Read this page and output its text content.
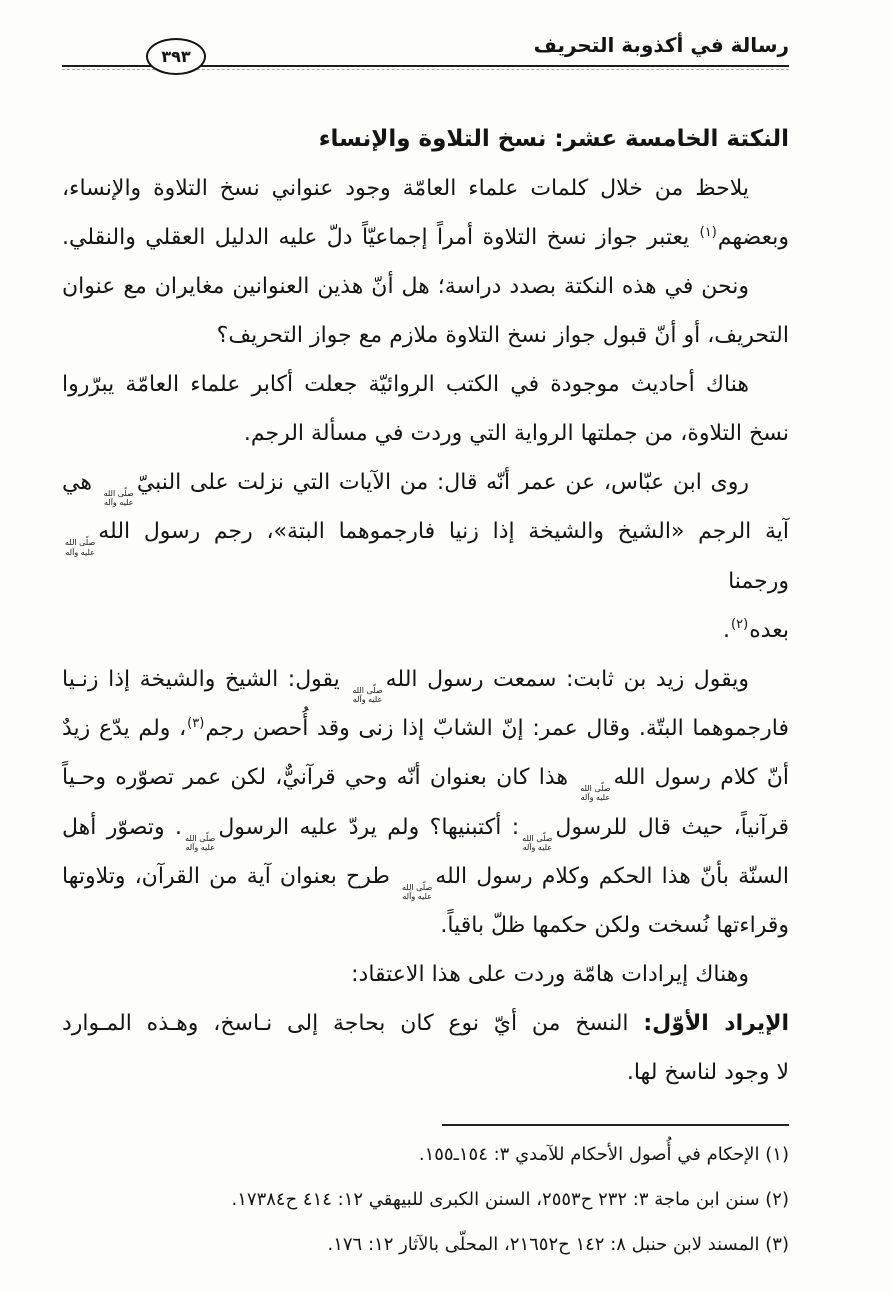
رسالة في أكذوبة التحريف
٣٩٣
النكتة الخامسة عشر: نسخ التلاوة والإنساء
يلاحظ من خلال كلمات علماء العامّة وجود عنواني نسخ التلاوة والإنساء،
وبعضهم$^{(١)}$ يعتبر جواز نسخ التلاوة أمراً إجماعيّاً دلّ عليه الدليل العقلي والنقلي.
ونحن في هذه النكتة بصدد دراسة؛ هل أنّ هذين العنوانين مغايران مع عنوان
التحريف، أو أنّ قبول جواز نسخ التلاوة ملازم مع جواز التحريف؟
هناك أحاديث موجودة في الكتب الروائيّة جعلت أكابر علماء العامّة يبرّروا
نسخ التلاوة، من جملتها الرواية التي وردت في مسألة الرجم.
روى ابن عبّاس، عن عمر أنّه قال: من الآيات التي نزلت على النبيّ
صلّى الله
عليه وآله
هي
آية الرجم «الشيخ والشيخة إذا زنيا فارجموهما البتة»، رجم رسول الله
صلّى الله
عليه وآله
ورجمنا
بعده$^{(٢)}$.
ويقول زيد بن ثابت: سمعت رسول الله
صلّى الله
عليه وآله
يقول: الشيخ والشيخة إذا زنـيا
فارجموهما البتّة. وقال عمر: إنّ الشابّ إذا زنى وقد أُحصن رجم$^{(٣)}$، ولم يدّع زيدٌ
أنّ كلام رسول الله
صلّى الله
عليه وآله
هذا كان بعنوان أنّه وحي قرآنيٌّ، لكن عمر تصوّره وحـياً
قرآنياً، حيث قال للرسول
صلّى الله
عليه وآله
: أكتبنيها؟ ولم يردّ عليه الرسول
صلّى الله
عليه وآله
. وتصوّر أهل
السنّة بأنّ هذا الحكم وكلام رسول الله
صلّى الله
عليه وآله
طرح بعنوان آية من القرآن، وتلاوتها
وقراءتها نُسخت ولكن حكمها ظلّ باقياً.
وهناك إيرادات هامّة وردت على هذا الاعتقاد:
الإيراد الأوّل: النسخ من أيّ نوع كان بحاجة إلى نـاسخ، وهـذه المـوارد
لا وجود لناسخ لها.
(١) الإحكام في أُصول الأحكام للآمدي ٣: ١٥٤ـ١٥٥.
(٢) سنن ابن ماجة ٣: ٢٣٢ ح٢٥٥٣، السنن الكبرى للبيهقي ١٢: ٤١٤ ح١٧٣٨٤.
(٣) المسند لابن حنبل ٨: ١٤٢ ح٢١٦٥٢، المحلّى بالآثار ١٢: ١٧٦.
